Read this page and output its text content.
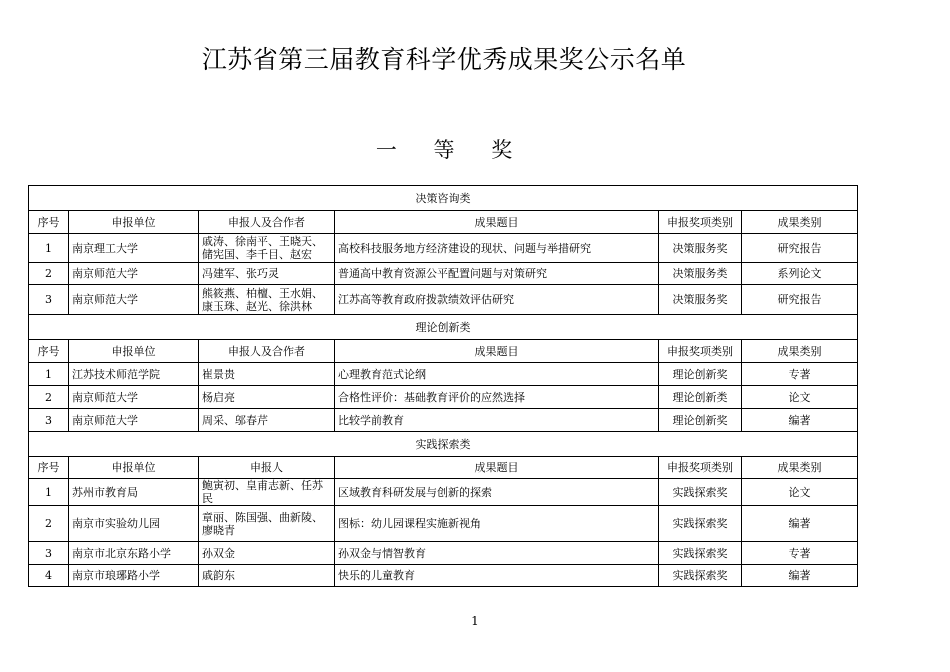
江苏省第三届教育科学优秀成果奖公示名单
一 等 奖
决策咨询类					
序号	申报单位	申报人及合作者	成果题目	申报奖项类别	成果类别
1	南京理工大学	戚涛、徐南平、王晓天、储宪国、李千目、赵宏	高校科技服务地方经济建设的现状、问题与举措研究	决策服务奖	研究报告
2	南京师范大学	冯建军、张巧灵	普通高中教育资源公平配置问题与对策研究	决策服务类	系列论文
3	南京师范大学	熊筱燕、柏檀、王水娟、康玉珠、赵光、徐洪林	江苏高等教育政府拨款绩效评估研究	决策服务奖	研究报告
理论创新类					
序号	申报单位	申报人及合作者	成果题目	申报奖项类别	成果类别
1	江苏技术师范学院	崔景贵	心理教育范式论纲	理论创新奖	专著
2	南京师范大学	杨启亮	合格性评价：基础教育评价的应然选择	理论创新类	论文
3	南京师范大学	周采、邬春芹	比较学前教育	理论创新奖	编著
实践探索类					
序号	申报单位	申报人	成果题目	申报奖项类别	成果类别
1	苏州市教育局	鲍寅初、皇甫志新、任苏民	区域教育科研发展与创新的探索	实践探索奖	论文
2	南京市实验幼儿园	章丽、陈国强、曲新陵、廖晓青	图标：幼儿园课程实施新视角	实践探索奖	编著
3	南京市北京东路小学	孙双金	孙双金与情智教育	实践探索奖	专著
4	南京市琅琊路小学	戚韵东	快乐的儿童教育	实践探索奖	编著
1
